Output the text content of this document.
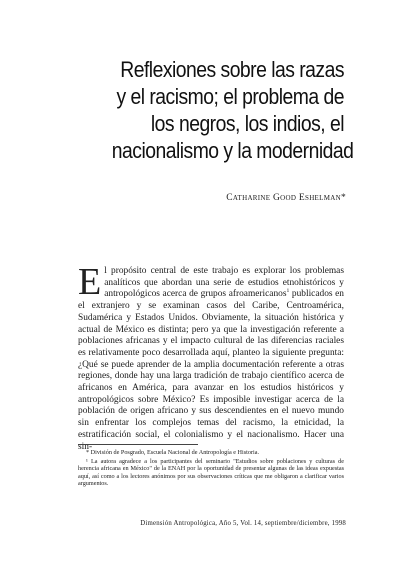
Reflexiones sobre las razas
y el racismo; el problema de
los negros, los indios, el
nacionalismo y la modernidad
Catharine Good Eshelman*
El propósito central de este trabajo es explorar los problemas analíticos que abordan una serie de estudios etnohistóricos y antropológicos acerca de grupos afroamericanos$^1$ publicados en el extranjero y se examinan casos del Caribe, Centroamérica, Sudamérica y Estados Unidos. Obviamente, la situación histórica y actual de México es distinta; pero ya que la investigación referente a poblaciones africanas y el impacto cultural de las diferencias raciales es relativamente poco desarrollada aquí, planteo la siguiente pregunta: ¿Qué se puede aprender de la amplia documentación referente a otras regiones, donde hay una larga tradición de trabajo científico acerca de africanos en América, para avanzar en los estudios históricos y antropológicos sobre México? Es imposible investigar acerca de la población de origen africano y sus descendientes en el nuevo mundo sin enfrentar los complejos temas del racismo, la etnicidad, la estratificación social, el colonialismo y el nacionalismo. Hacer una sin-

* División de Posgrado, Escuela Nacional de Antropología e Historia.

¹ La autora agradece a los participantes del seminario "Estudios sobre poblaciones y culturas de herencia africana en México" de la ENAH por la oportunidad de presentar algunas de las ideas expuestas aquí, así como a los lectores anónimos por sus observaciones críticas que me obligaron a clarificar varios argumentos.

Dimensión Antropológica, Año 5, Vol. 14, septiembre/diciembre, 1998
